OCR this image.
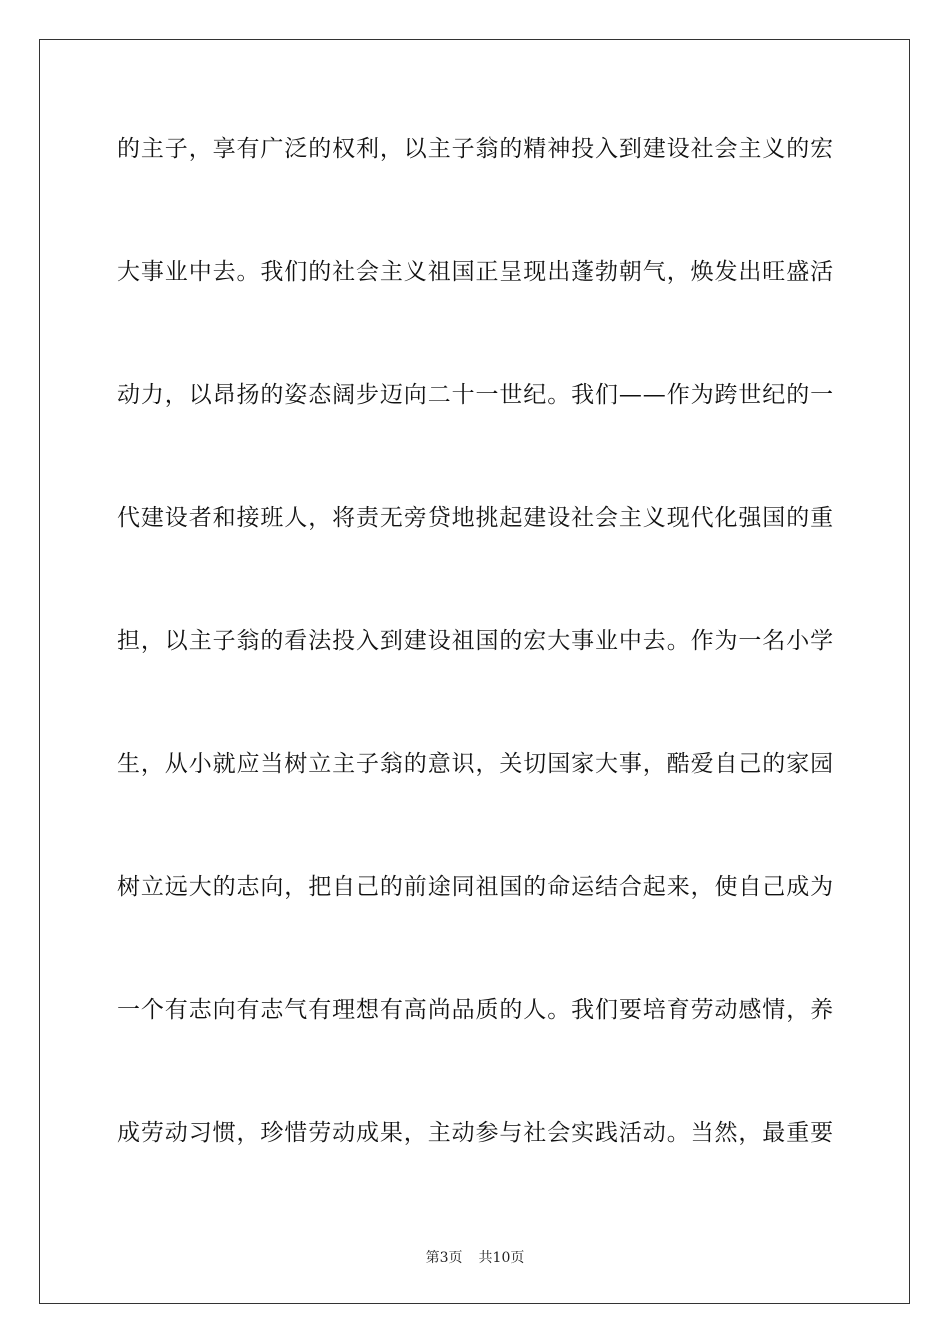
的主子，享有广泛的权利，以主子翁的精神投入到建设社会主义的宏
大事业中去。我们的社会主义祖国正呈现出蓬勃朝气，焕发出旺盛活
动力，以昂扬的姿态阔步迈向二十一世纪。我们——作为跨世纪的一
代建设者和接班人，将责无旁贷地挑起建设社会主义现代化强国的重
担，以主子翁的看法投入到建设祖国的宏大事业中去。作为一名小学
生，从小就应当树立主子翁的意识，关切国家大事，酷爱自己的家园
树立远大的志向，把自己的前途同祖国的命运结合起来，使自己成为
一个有志向有志气有理想有高尚品质的人。我们要培育劳动感情，养
成劳动习惯，珍惜劳动成果，主动参与社会实践活动。当然，最重要
第3页 共10页
